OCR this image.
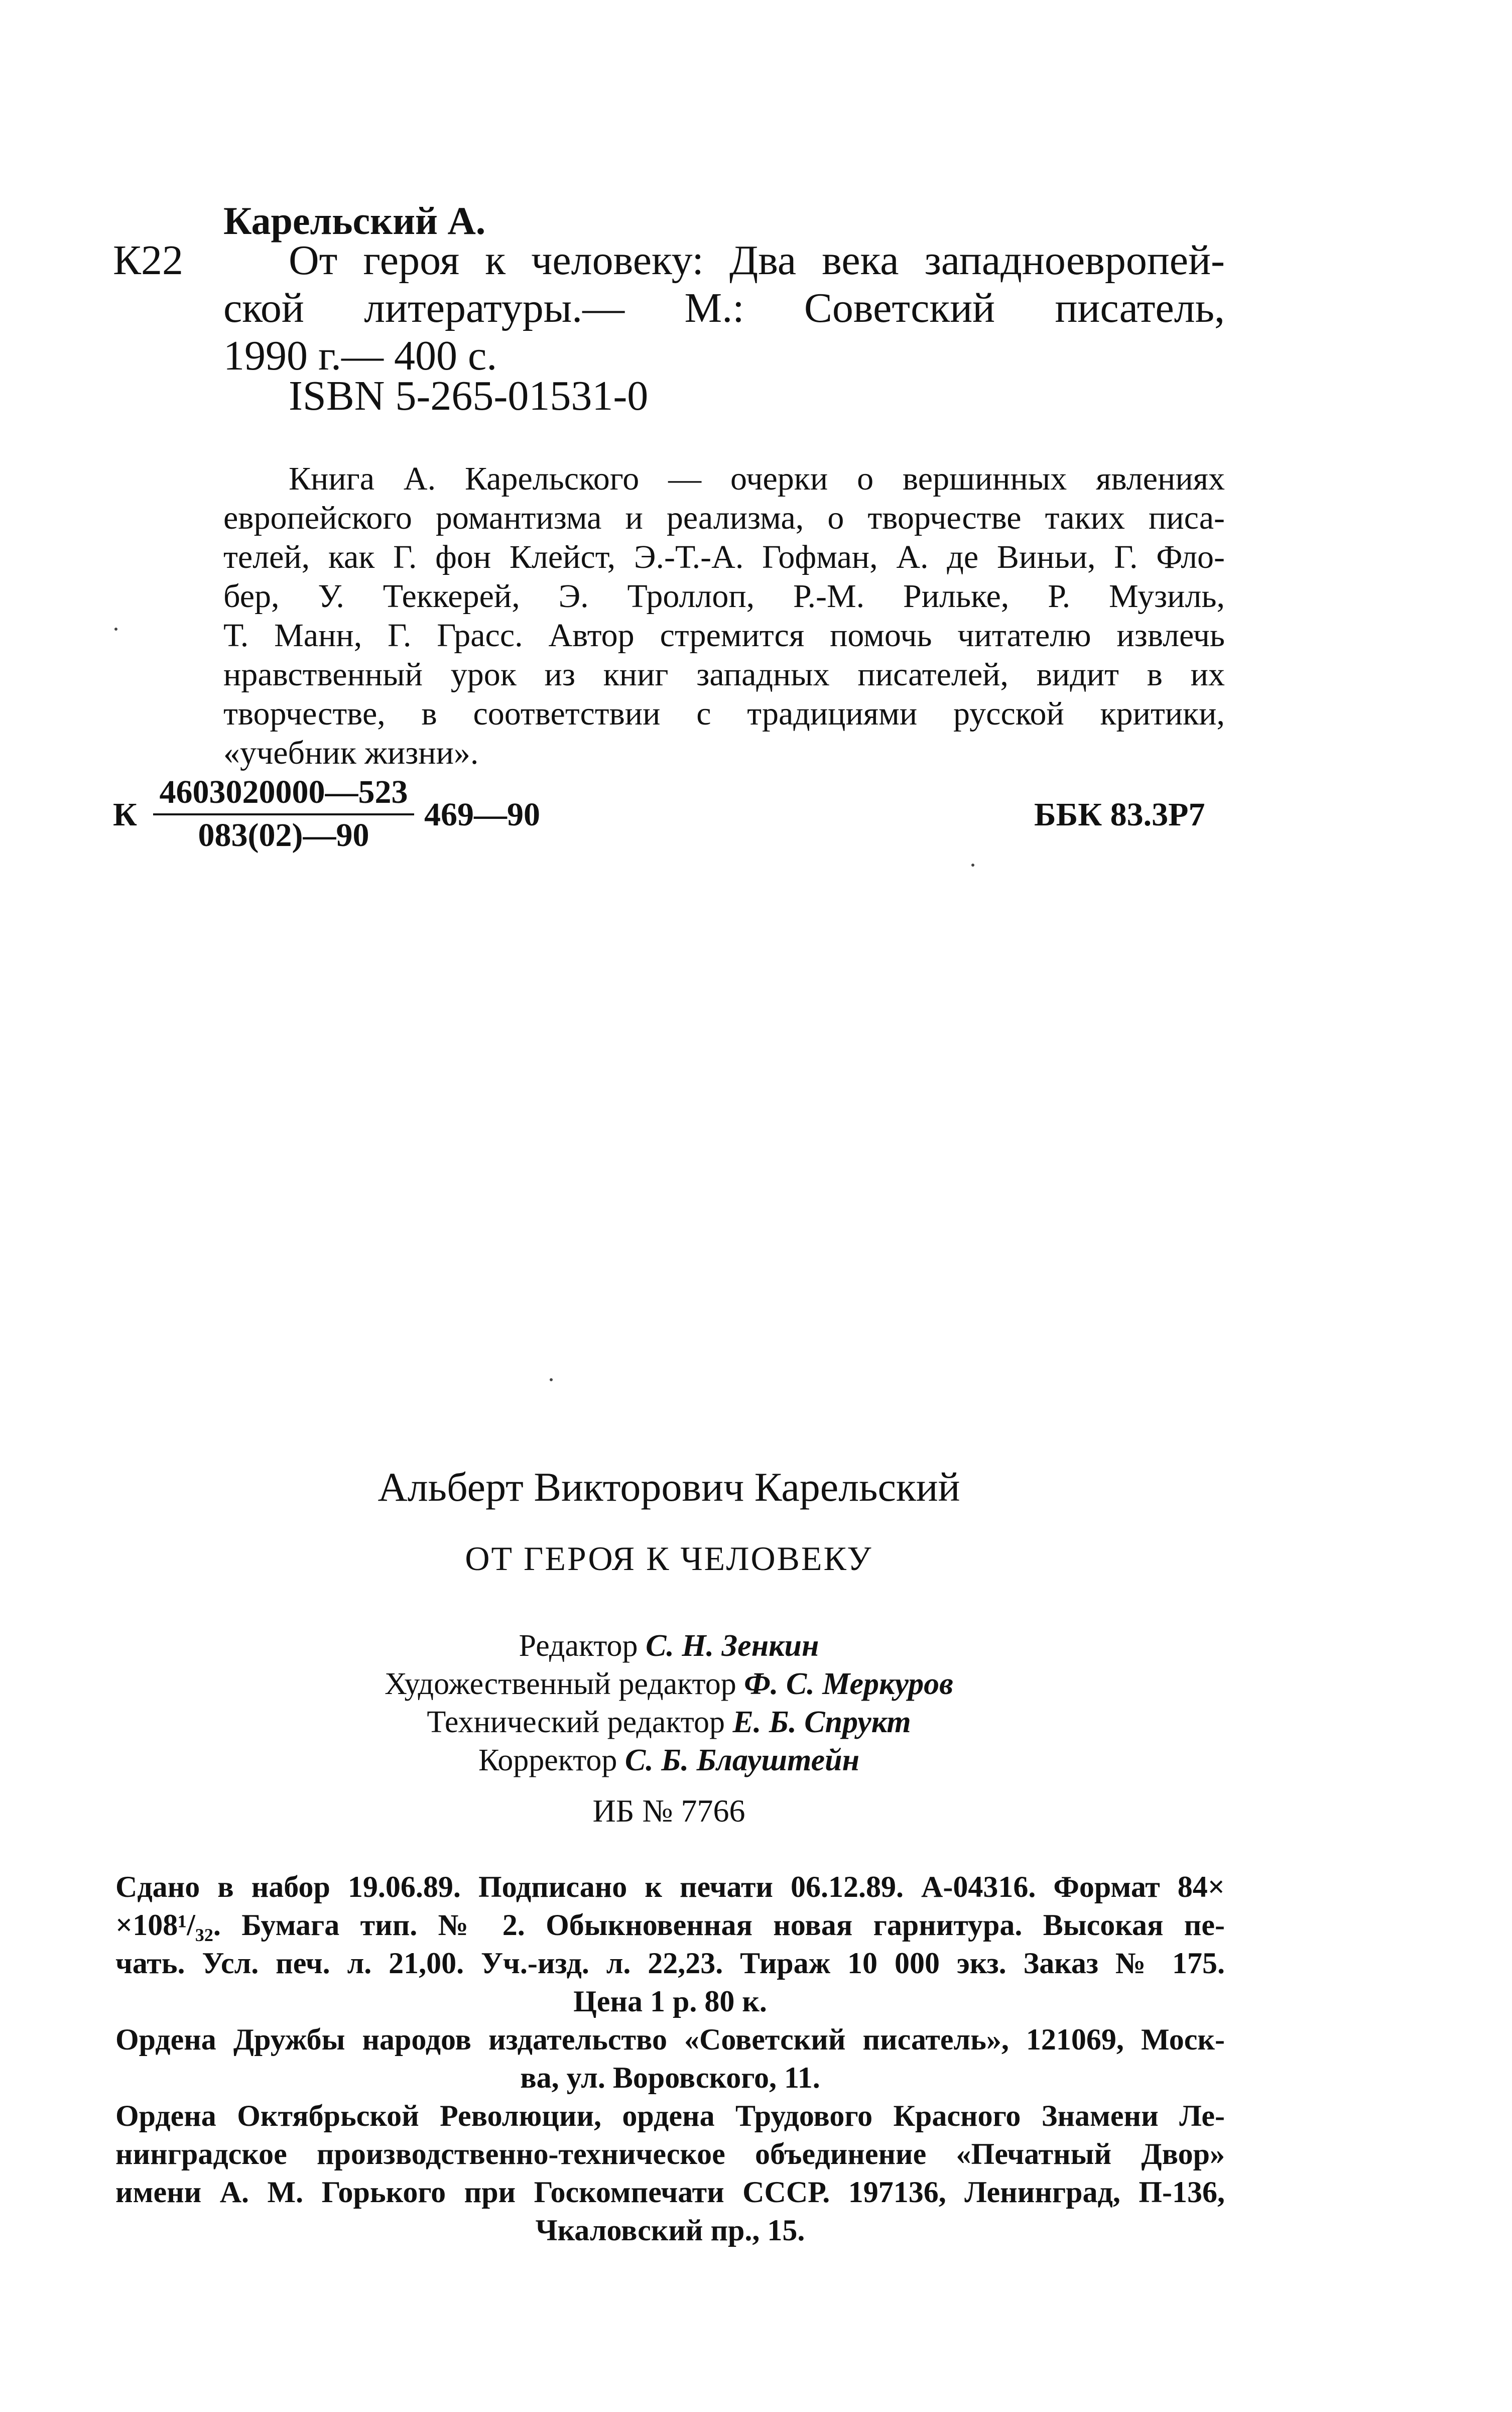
Карельский А.
К22	От героя к человеку: Два века западноевропей-
ской литературы.— М.: Советский писатель,
1990 г.— 400 с.
ISBN 5-265-01531-0
Книга А. Карельского — очерки о вершинных явлениях
европейского романтизма и реализма, о творчестве таких писа-
телей, как Г. фон Клейст, Э.-Т.-А. Гофман, А. де Виньи, Г. Фло-
бер, У. Теккерей, Э. Троллоп, Р.-М. Рильке, Р. Музиль,
Т. Манн, Г. Грасс. Автор стремится помочь читателю извлечь
нравственный урок из книг западных писателей, видит в их
творчестве, в соответствии с традициями русской критики,
«учебник жизни».
К $\frac{4603020000—523}{083(02)—90}$ 469—90	ББК 83.3Р7
Альберт Викторович Карельский
ОТ ГЕРОЯ К ЧЕЛОВЕКУ
Редактор С. Н. Зенкин
Художественный редактор Ф. С. Меркуров
Технический редактор Е. Б. Спрукт
Корректор С. Б. Блауштейн
ИБ № 7766
Сдано в набор 19.06.89. Подписано к печати 06.12.89. А-04316. Формат 84×
×108¹/₃₂. Бумага тип. № 2. Обыкновенная новая гарнитура. Высокая пе-
чать. Усл. печ. л. 21,00. Уч.-изд. л. 22,23. Тираж 10 000 экз. Заказ № 175.
Цена 1 р. 80 к.
Ордена Дружбы народов издательство «Советский писатель», 121069, Моск-
ва, ул. Воровского, 11.
Ордена Октябрьской Революции, ордена Трудового Красного Знамени Ле-
нинградское производственно-техническое объединение «Печатный Двор»
имени А. М. Горького при Госкомпечати СССР. 197136, Ленинград, П-136,
Чкаловский пр., 15.
